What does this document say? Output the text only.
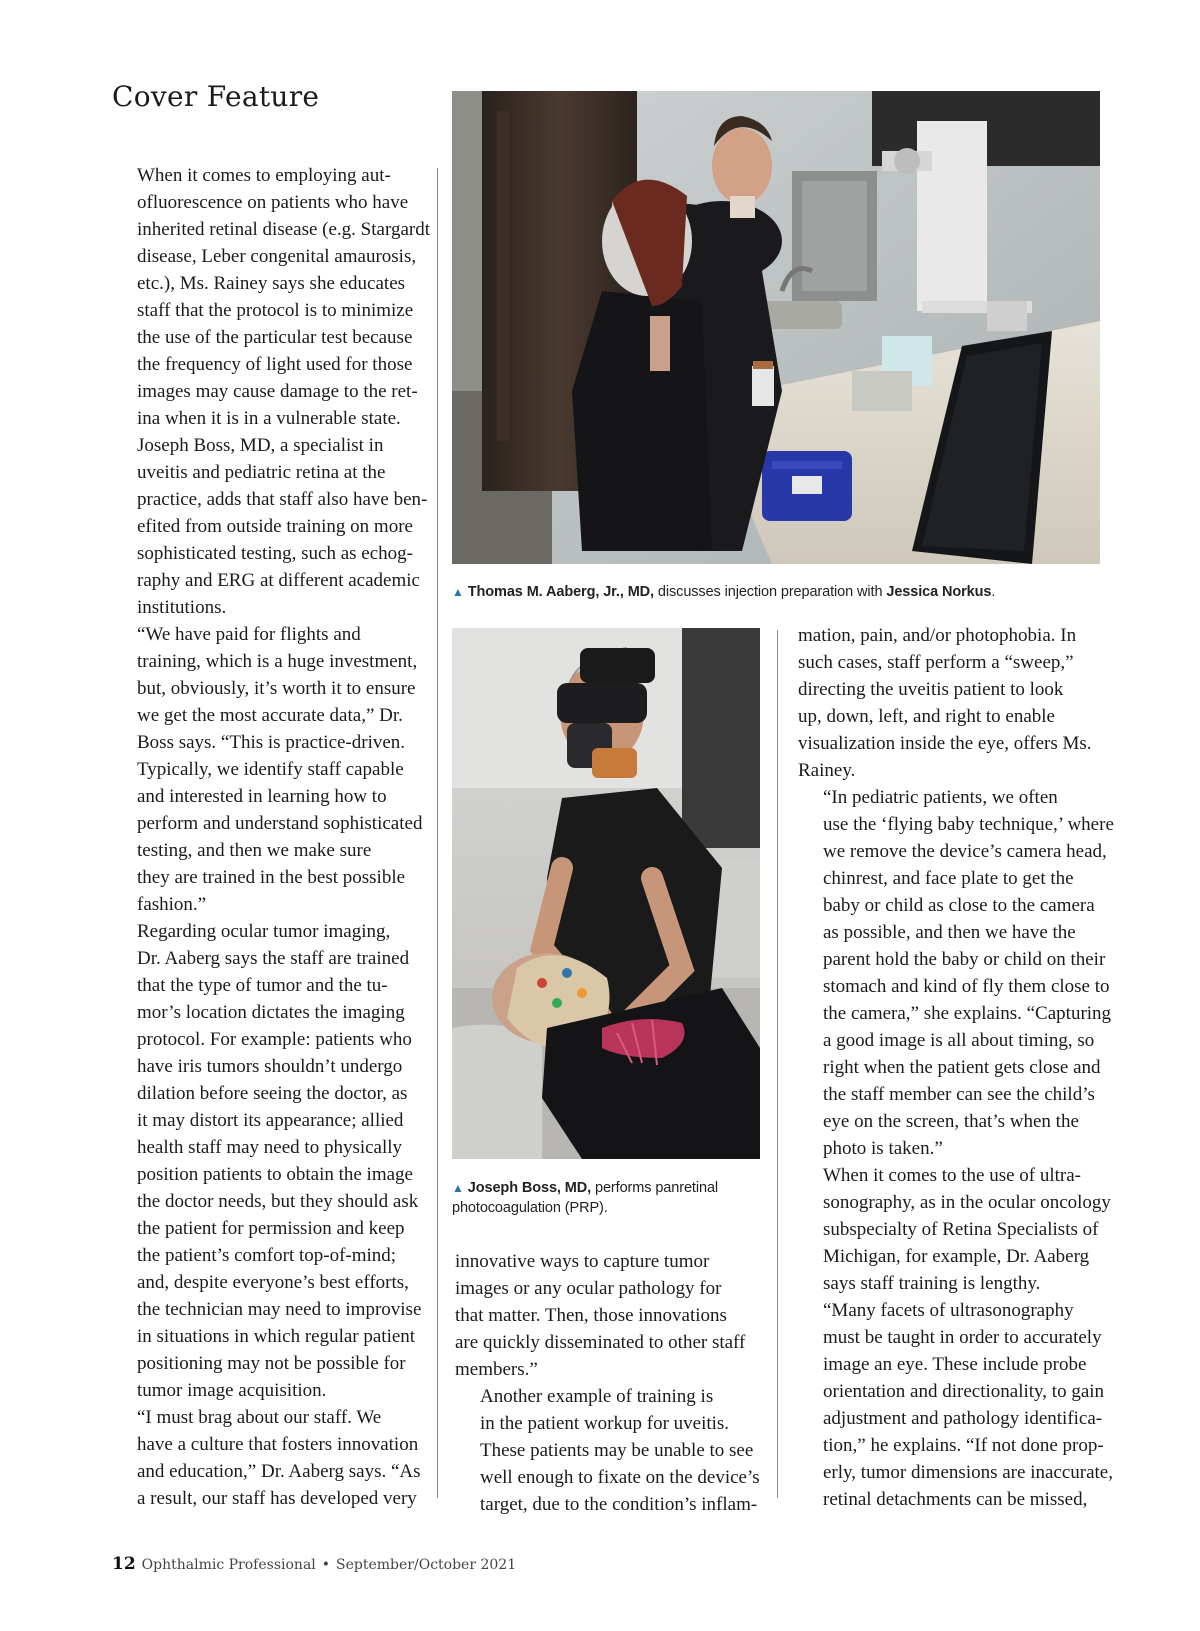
Cover Feature
▲ Thomas M. Aaberg, Jr., MD, discusses injection preparation with Jessica Norkus.
▲ Joseph Boss, MD, performs panretinal
photocoagulation (PRP).

When it comes to employing aut-
ofluorescence on patients who have
inherited retinal disease (e.g. Stargardt
disease, Leber congenital amaurosis,
etc.), Ms. Rainey says she educates
staff that the protocol is to minimize
the use of the particular test because
the frequency of light used for those
images may cause damage to the ret-
ina when it is in a vulnerable state.

Joseph Boss, MD, a specialist in
uveitis and pediatric retina at the
practice, adds that staff also have ben-
efited from outside training on more
sophisticated testing, such as echog-
raphy and ERG at different academic
institutions.

“We have paid for flights and
training, which is a huge investment,
but, obviously, it’s worth it to ensure
we get the most accurate data,” Dr.
Boss says. “This is practice-driven.
Typically, we identify staff capable
and interested in learning how to
perform and understand sophisticated
testing, and then we make sure
they are trained in the best possible
fashion.”

Regarding ocular tumor imaging,
Dr. Aaberg says the staff are trained
that the type of tumor and the tu-
mor’s location dictates the imaging
protocol. For example: patients who
have iris tumors shouldn’t undergo
dilation before seeing the doctor, as
it may distort its appearance; allied
health staff may need to physically
position patients to obtain the image
the doctor needs, but they should ask
the patient for permission and keep
the patient’s comfort top-of-mind;
and, despite everyone’s best efforts,
the technician may need to improvise
in situations in which regular patient
positioning may not be possible for
tumor image acquisition.

“I must brag about our staff. We
have a culture that fosters innovation
and education,” Dr. Aaberg says. “As
a result, our staff has developed very

innovative ways to capture tumor
images or any ocular pathology for
that matter. Then, those innovations
are quickly disseminated to other staff
members.”

Another example of training is
in the patient workup for uveitis.
These patients may be unable to see
well enough to fixate on the device’s
target, due to the condition’s inflam-

mation, pain, and/or photophobia. In
such cases, staff perform a “sweep,”
directing the uveitis patient to look
up, down, left, and right to enable
visualization inside the eye, offers Ms.
Rainey.

“In pediatric patients, we often
use the ‘flying baby technique,’ where
we remove the device’s camera head,
chinrest, and face plate to get the
baby or child as close to the camera
as possible, and then we have the
parent hold the baby or child on their
stomach and kind of fly them close to
the camera,” she explains. “Capturing
a good image is all about timing, so
right when the patient gets close and
the staff member can see the child’s
eye on the screen, that’s when the
photo is taken.”

When it comes to the use of ultra-
sonography, as in the ocular oncology
subspecialty of Retina Specialists of
Michigan, for example, Dr. Aaberg
says staff training is lengthy.

“Many facets of ultrasonography
must be taught in order to accurately
image an eye. These include probe
orientation and directionality, to gain
adjustment and pathology identifica-
tion,” he explains. “If not done prop-
erly, tumor dimensions are inaccurate,
retinal detachments can be missed,

12 Ophthalmic Professional • September/October 2021
